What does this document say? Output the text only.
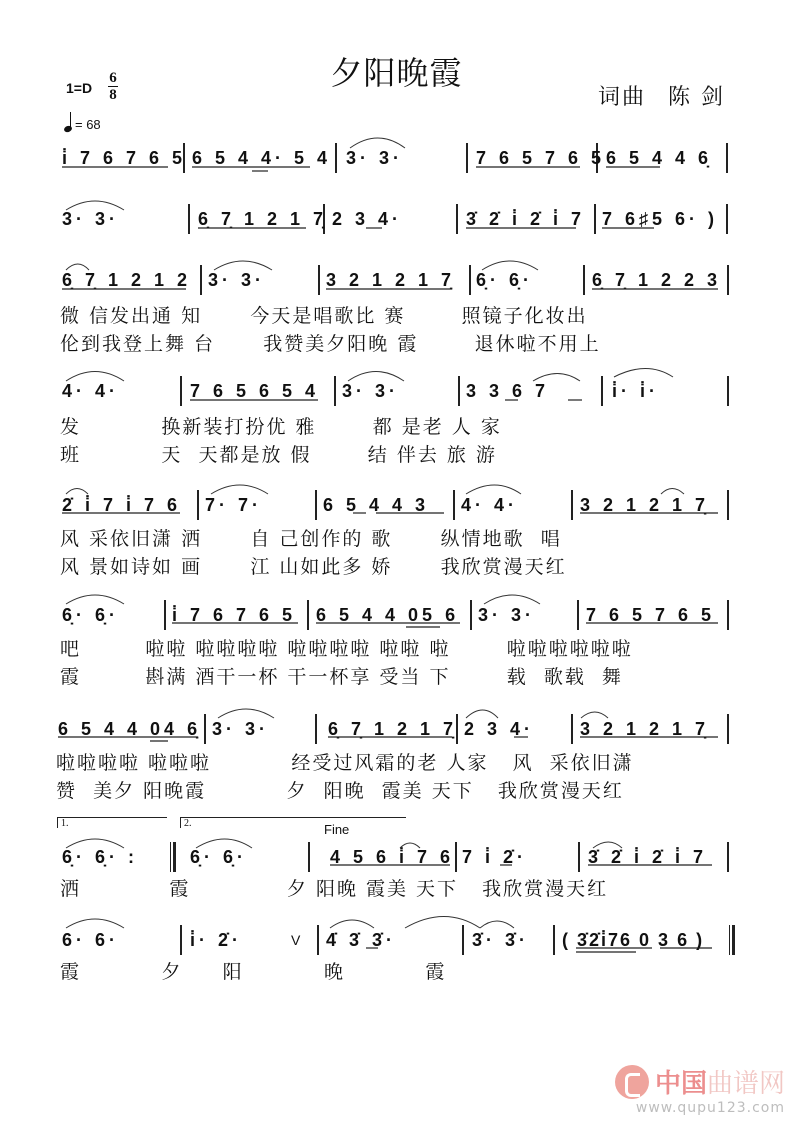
夕阳晚霞
词曲 陈 剑
1=D
6
8
= 68
i̇ 7 6 7 6 5 6 5 4 4· 5 4 3· 3·	7 6 5 7 6 5 6 5 4 4 6̣
3· 3·	6̣ 7̣ 1 2 1 7̣ 2 3 4·	3̇ 2̇ i̇ 2̇ i̇ 7 7 6♯5 6· )
6̣ 7̣ 1 2 1 2 3· 3·	3 2 1 2 1 7̣ 6̣· 6̣·	6̣ 7̣ 1 2 2 3
微 信发出通 知      今天是唱歌比 赛       照镜子化妆出
伦到我登上舞 台      我赞美夕阳晚 霞       退休啦不用上
4· 4·	7 6 5 6 5 4 3· 3·	3 3 6 7	i̇· i̇·
发          换新装打扮优 雅       都 是老 人 家
班          天  天都是放 假       结 伴去 旅 游
2̇ i̇ 7 i̇ 7 6 7· 7·	6 5 4 4 3 4· 4·	3 2 1 2 1 7̣
风 采依旧潇 洒      自 己创作的 歌      纵情地歌  唱
风 景如诗如 画      江 山如此多 娇      我欣赏漫天红
6̣· 6̣·	i̇ 7 6 7 6 5 6 5 4 4 05 6 3· 3·	7 6 5 7 6 5
吧        啦啦 啦啦啦啦 啦啦啦啦 啦啦 啦       啦啦啦啦啦啦
霞        斟满 酒干一杯 干一杯享 受当 下       载  歌载  舞
6 5 4 4 04 6̣ 3· 3·	6̣ 7̣ 1 2 1 7̣ 2 3 4·	3 2 1 2 1 7̣
啦啦啦啦 啦啦啦          经受过风霜的老 人家   风  采依旧潇
赞  美夕 阳晚霞          夕  阳晚  霞美 天下   我欣赏漫天红
1.	2.	Fine
6̣· 6̣· :	6̣· 6̣·	4 5 6 i̇ 7 6 7 i̇ 2̇·	3̇ 2̇ i̇ 2̇ i̇ 7
洒           霞            夕 阳晚 霞美 天下   我欣赏漫天红
6· 6·	i̇· 2̇·	V 4̇ 3̇ 3̇·	3̇· 3̇· ( 3̇2̇i̇76 0 3 6 )
霞          夕     阳          晚          霞
中国曲谱网
www.qupu123.com
